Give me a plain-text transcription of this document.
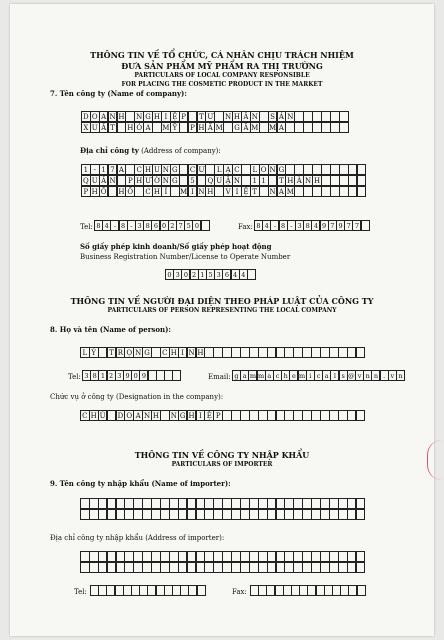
THÔNG TIN VỀ TỔ CHỨC, CÁ NHÂN CHỊU TRÁCH NHIỆM
ĐƯA SẢN PHẨM MỸ PHẨM RA THỊ TRƯỜNG
PARTICULARS OF LOCAL COMPANY RESPONSIBLE
FOR PLACING THE COSMETIC PRODUCT IN THE MARKET
7. Tên công ty (Name of company):
D O A N H N G H I Ệ P	T Ư N H Â N	S Ả N
X U Ấ T	H Ó A	M Ỹ	P H Ẩ M G Ấ M M A
Địa chỉ công ty (Address of company):
1 - 1 7 A	C H U N G	C Ư	L Ạ C	L O N G
Q U Â N	P H Ư Ờ N G	5	Q U Ậ N	1 1	T H À N H
P H Ố H Ồ	C H Í	M I N H	V I Ệ T	N A M
Tel: 8 4 - 8 - 3 8 6 0 2 7 5 0	Fax: 8 4 - 8 - 3 8 4 9 7 9 7 7
Số giấy phép kinh doanh/Số giấy phép hoạt động
Business Registration Number/License to Operate Number
0 3 0 2 1 5 3 6 4 4
THÔNG TIN VỀ NGƯỜI ĐẠI DIỆN THEO PHÁP LUẬT CỦA CÔNG TY
PARTICULARS OF PERSON REPRESENTING THE LOCAL COMPANY
8. Họ và tên (Name of person):
L Ý	T R Ọ N G	C H I N H
Tel: 3 8 1 2 3 9 0 9	Email: g a m m a c h e m i c a l s @ v n n . v n
Chức vụ ở công ty (Designation in the company):
C H Ủ D O A N H N G H I Ệ P
THÔNG TIN VỀ CÔNG TY NHẬP KHẨU
PARTICULARS OF IMPORTER
9. Tên công ty nhập khẩu (Name of importer):
Địa chỉ công ty nhập khẩu (Address of importer):
Tel:	Fax:
